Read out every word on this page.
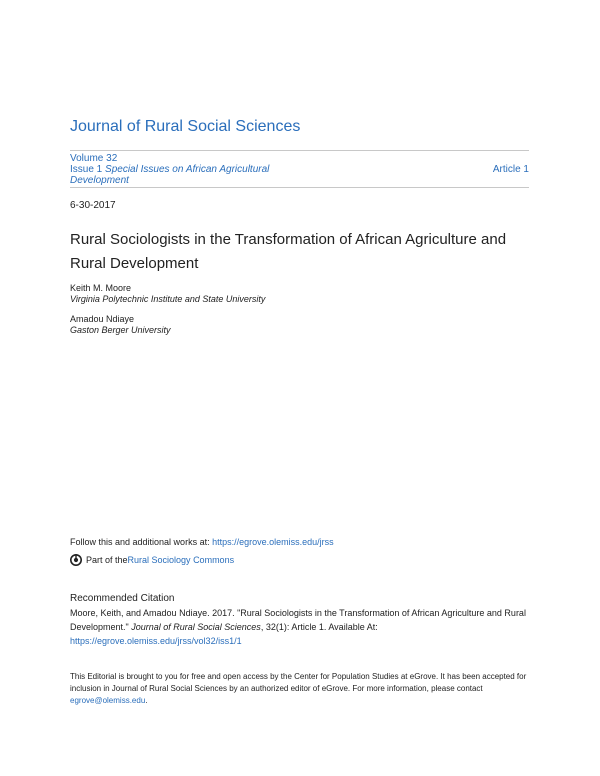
Journal of Rural Social Sciences
Volume 32
Issue 1 Special Issues on African Agricultural Development
Article 1
6-30-2017
Rural Sociologists in the Transformation of African Agriculture and Rural Development
Keith M. Moore
Virginia Polytechnic Institute and State University
Amadou Ndiaye
Gaston Berger University
Follow this and additional works at: https://egrove.olemiss.edu/jrss
Part of the Rural Sociology Commons
Recommended Citation
Moore, Keith, and Amadou Ndiaye. 2017. "Rural Sociologists in the Transformation of African Agriculture and Rural Development." Journal of Rural Social Sciences, 32(1): Article 1. Available At:
https://egrove.olemiss.edu/jrss/vol32/iss1/1
This Editorial is brought to you for free and open access by the Center for Population Studies at eGrove. It has been accepted for inclusion in Journal of Rural Social Sciences by an authorized editor of eGrove. For more information, please contact egrove@olemiss.edu.
